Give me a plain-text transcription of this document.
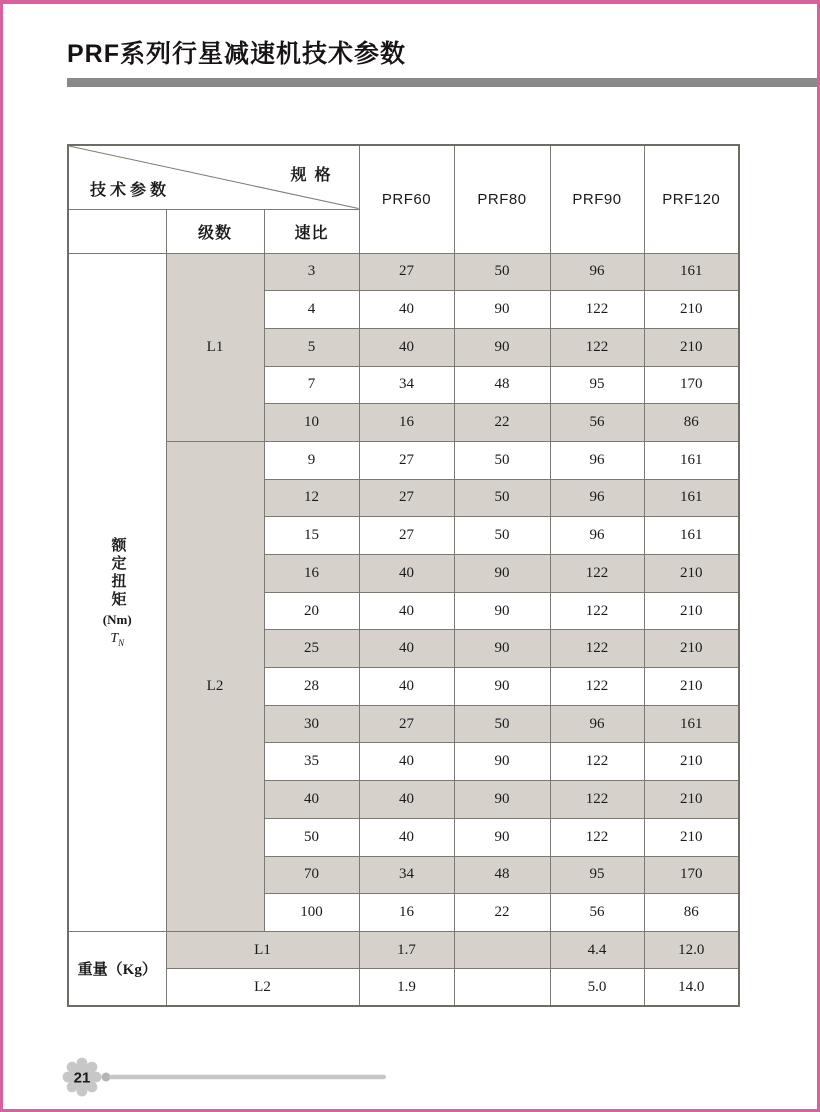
PRF系列行星减速机技术参数
规 格
技术参数			PRF60	PRF80	PRF90	PRF120
	级数	速比				

额定扭矩
(Nm)
$T_N$	L1	3	27	50	96	161
		4	40	90	122	210
		5	40	90	122	210
		7	34	48	95	170
		10	16	22	56	86
	L2	9	27	50	96	161
		12	27	50	96	161
		15	27	50	96	161
		16	40	90	122	210
		20	40	90	122	210
		25	40	90	122	210
		28	40	90	122	210
		30	27	50	96	161
		35	40	90	122	210
		40	40	90	122	210
		50	40	90	122	210
		70	34	48	95	170
		100	16	22	56	86
重量（Kg）	L1		1.7		4.4	12.0
	L2		1.9		5.0	14.0
21
